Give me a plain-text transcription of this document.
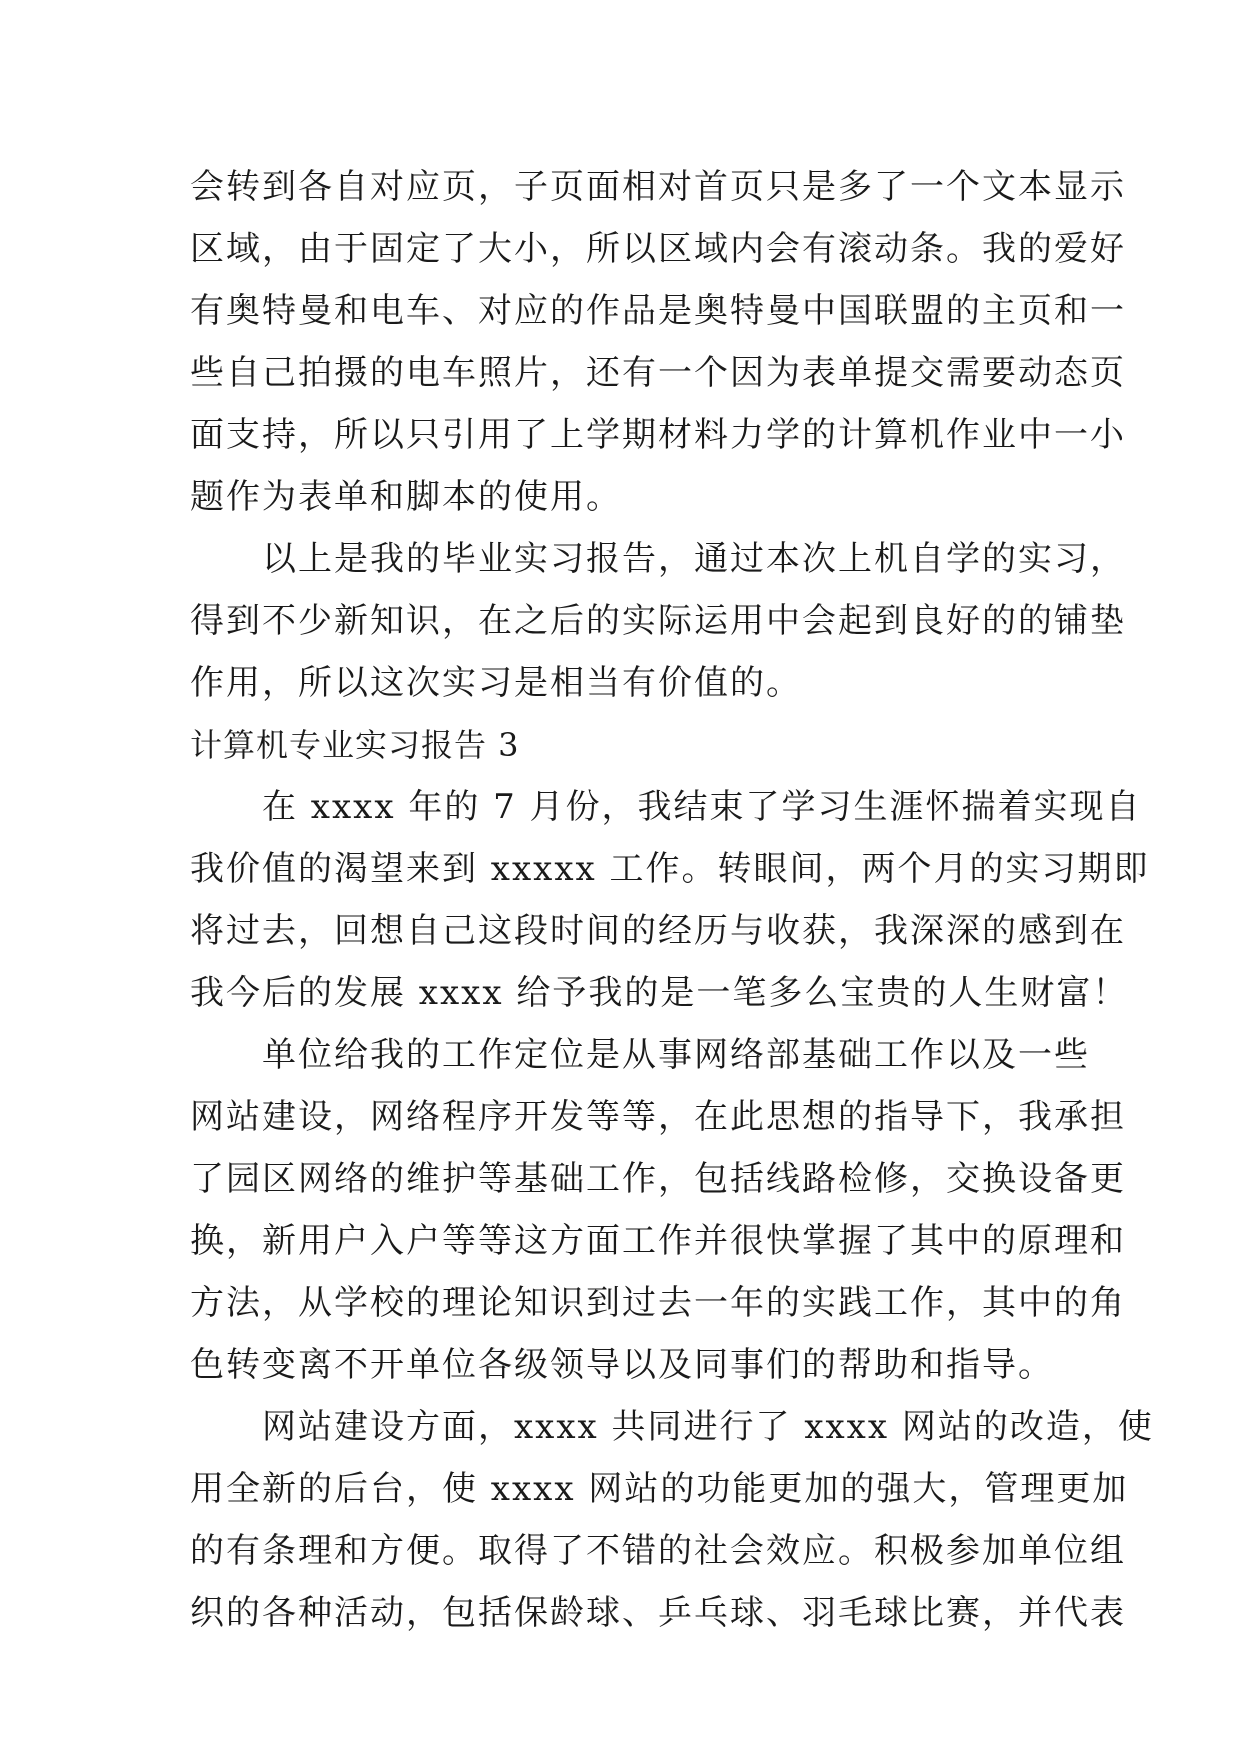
会转到各自对应页，子页面相对首页只是多了一个文本显示
区域，由于固定了大小，所以区域内会有滚动条。我的爱好
有奥特曼和电车、对应的作品是奥特曼中国联盟的主页和一
些自己拍摄的电车照片，还有一个因为表单提交需要动态页
面支持，所以只引用了上学期材料力学的计算机作业中一小
题作为表单和脚本的使用。
　　以上是我的毕业实习报告，通过本次上机自学的实习，
得到不少新知识，在之后的实际运用中会起到良好的的铺垫
作用，所以这次实习是相当有价值的。
计算机专业实习报告 3
　　在 xxxx 年的 7 月份，我结束了学习生涯怀揣着实现自
我价值的渴望来到 xxxxx 工作。转眼间，两个月的实习期即
将过去，回想自己这段时间的经历与收获，我深深的感到在
我今后的发展 xxxx 给予我的是一笔多么宝贵的人生财富！
　　单位给我的工作定位是从事网络部基础工作以及一些
网站建设，网络程序开发等等，在此思想的指导下，我承担
了园区网络的维护等基础工作，包括线路检修，交换设备更
换，新用户入户等等这方面工作并很快掌握了其中的原理和
方法，从学校的理论知识到过去一年的实践工作，其中的角
色转变离不开单位各级领导以及同事们的帮助和指导。
　　网站建设方面，xxxx 共同进行了 xxxx 网站的改造，使
用全新的后台，使 xxxx 网站的功能更加的强大，管理更加
的有条理和方便。取得了不错的社会效应。积极参加单位组
织的各种活动，包括保龄球、乒乓球、羽毛球比赛，并代表
